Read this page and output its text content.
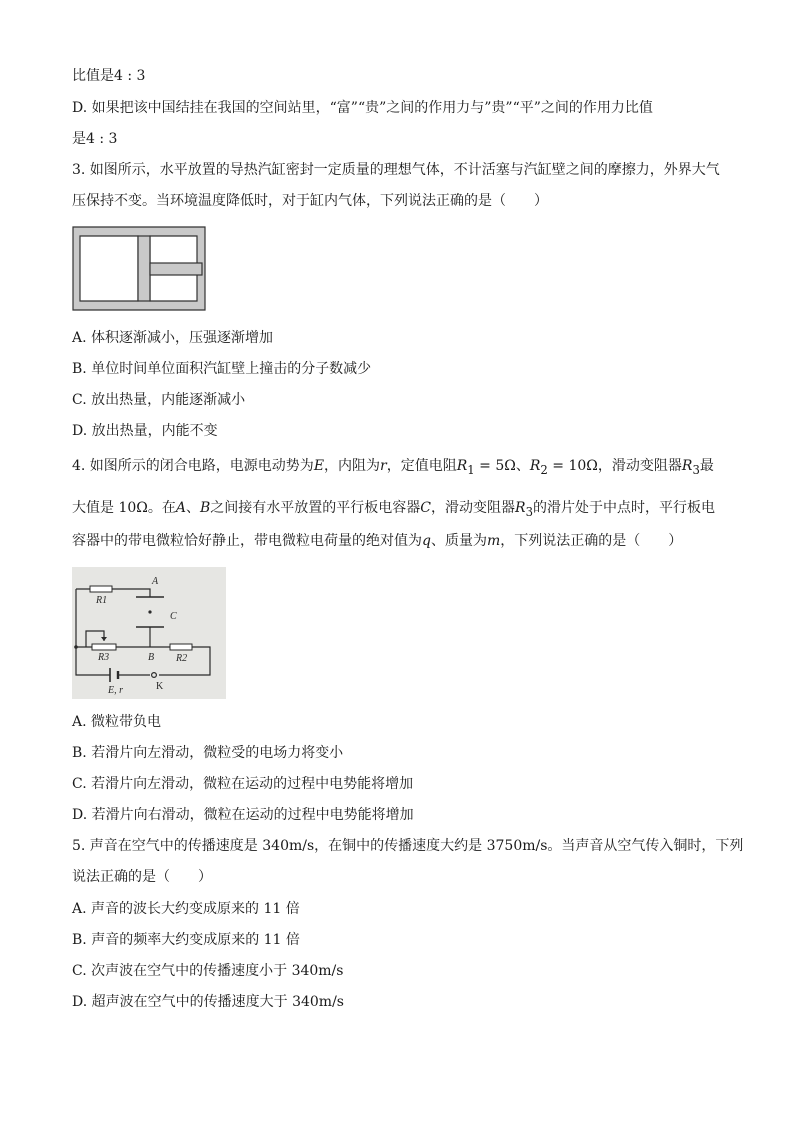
比值是4 : 3
D. 如果把该中国结挂在我国的空间站里，“富”“贵”之间的作用力与”贵”“平”之间的作用力比值
是4 : 3
3. 如图所示，水平放置的导热汽缸密封一定质量的理想气体，不计活塞与汽缸壁之间的摩擦力，外界大气
压保持不变。当环境温度降低时，对于缸内气体，下列说法正确的是（　　）
A. 体积逐渐减小，压强逐渐增加
B. 单位时间单位面积汽缸壁上撞击的分子数减少
C. 放出热量，内能逐渐减小
D. 放出热量，内能不变
4. 如图所示的闭合电路，电源电动势为E，内阻为r，定值电阻$R_1 = 5\Omega$、$R_2 = 10\Omega$，滑动变阻器$R_3$最
大值是 10Ω。在A、B之间接有水平放置的平行板电容器C，滑动变阻器$R_3$的滑片处于中点时，平行板电
容器中的带电微粒恰好静止，带电微粒电荷量的绝对值为q、质量为m，下列说法正确的是（　　）
A
C
B
R1
R3	R2
E, r	K
A. 微粒带负电
B. 若滑片向左滑动，微粒受的电场力将变小
C. 若滑片向左滑动，微粒在运动的过程中电势能将增加
D. 若滑片向右滑动，微粒在运动的过程中电势能将增加
5. 声音在空气中的传播速度是 340m/s，在铜中的传播速度大约是 3750m/s。当声音从空气传入铜时，下列
说法正确的是（　　）
A. 声音的波长大约变成原来的 11 倍
B. 声音的频率大约变成原来的 11 倍
C. 次声波在空气中的传播速度小于 340m/s
D. 超声波在空气中的传播速度大于 340m/s
